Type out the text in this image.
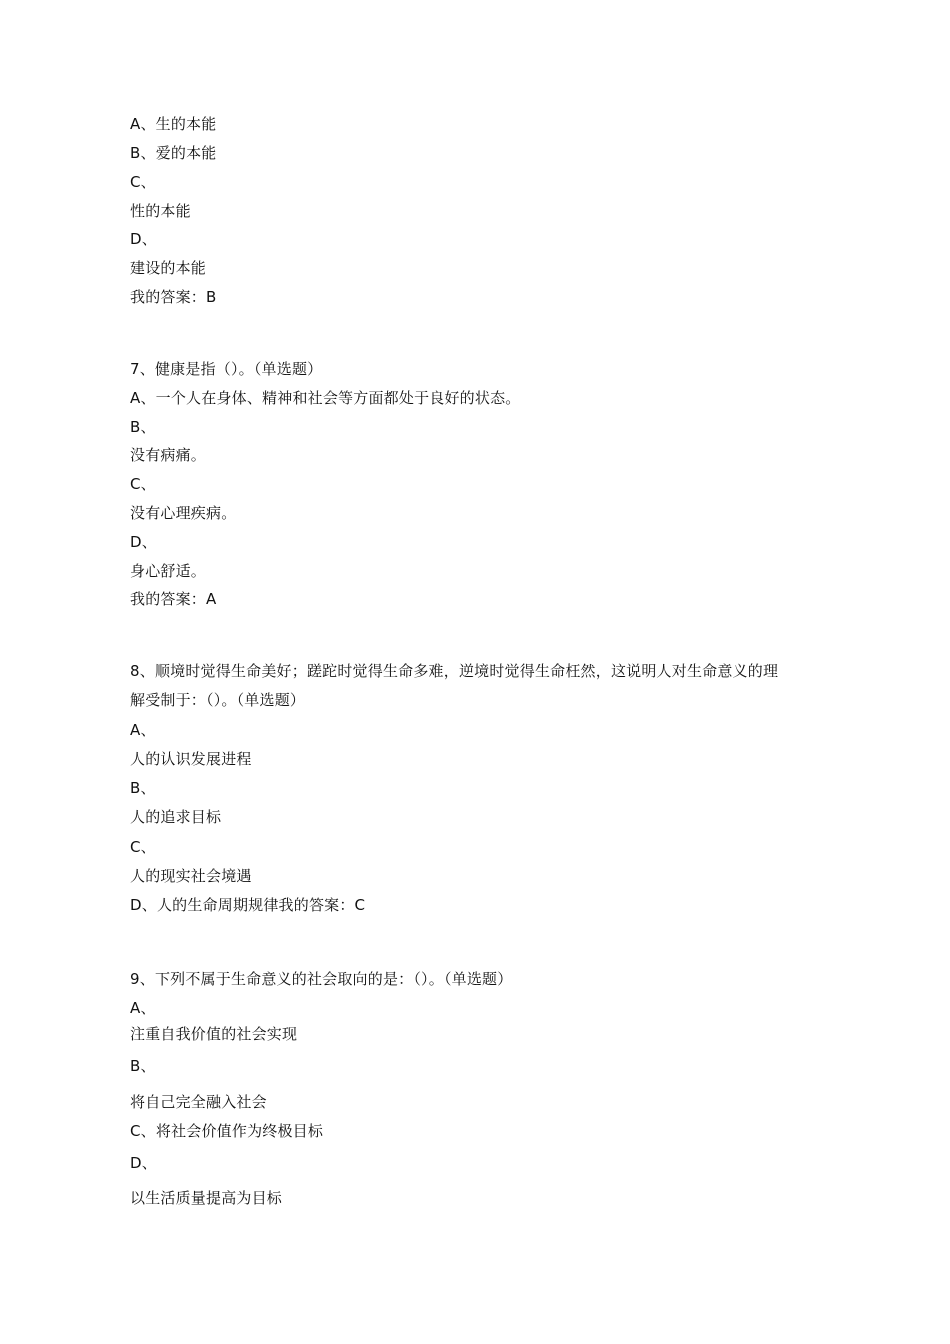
A、生的本能
B、爱的本能
C、
性的本能
D、
建设的本能
我的答案：B
7、健康是指（）。（单选题）
A、一个人在身体、精神和社会等方面都处于良好的状态。
B、
没有病痛。
C、
没有心理疾病。
D、
身心舒适。
我的答案：A
8、顺境时觉得生命美好；蹉跎时觉得生命多难，逆境时觉得生命枉然，这说明人对生命意义的理
解受制于：（）。（单选题）
A、
人的认识发展进程
B、
人的追求目标
C、
人的现实社会境遇
D、人的生命周期规律我的答案：C
9、下列不属于生命意义的社会取向的是：（）。（单选题）
A、
注重自我价值的社会实现
B、
将自己完全融入社会
C、将社会价值作为终极目标
D、
以生活质量提高为目标
